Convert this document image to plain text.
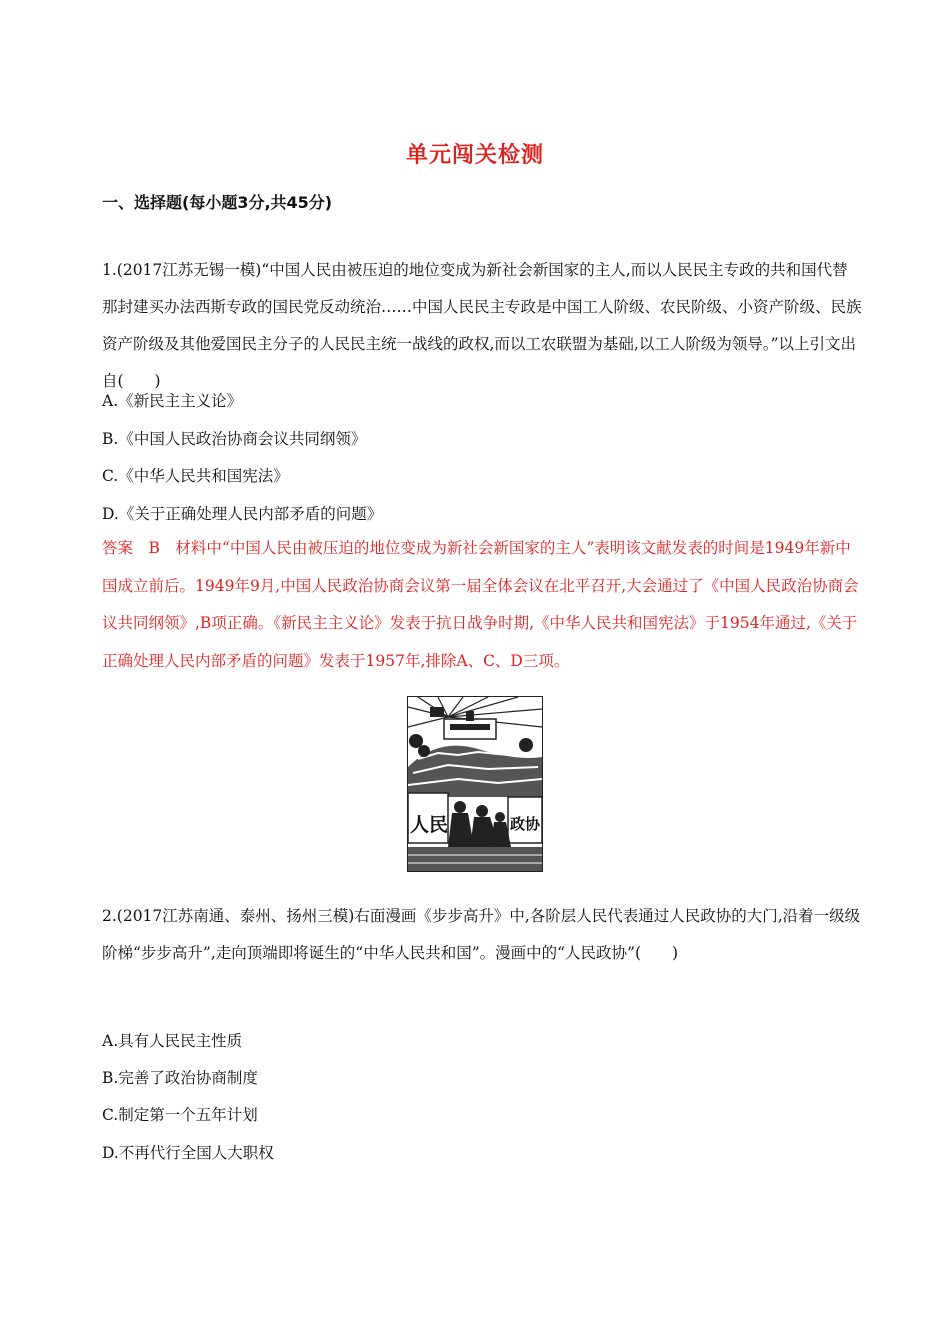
单元闯关检测
一、选择题(每小题3分,共45分)
1.(2017江苏无锡一模)“中国人民由被压迫的地位变成为新社会新国家的主人,而以人民民主专政的共和国代替那封建买办法西斯专政的国民党反动统治……中国人民民主专政是中国工人阶级、农民阶级、小资产阶级、民族资产阶级及其他爱国民主分子的人民民主统一战线的政权,而以工农联盟为基础,以工人阶级为领导。”以上引文出自(　　)
A.《新民主主义论》
B.《中国人民政治协商会议共同纲领》
C.《中华人民共和国宪法》
D.《关于正确处理人民内部矛盾的问题》
答案　B　材料中“中国人民由被压迫的地位变成为新社会新国家的主人”表明该文献发表的时间是1949年新中国成立前后。1949年9月,中国人民政治协商会议第一届全体会议在北平召开,大会通过了《中国人民政治协商会议共同纲领》,B项正确。《新民主主义论》发表于抗日战争时期,《中华人民共和国宪法》于1954年通过,《关于正确处理人民内部矛盾的问题》发表于1957年,排除A、C、D三项。
人民	政协
2.(2017江苏南通、泰州、扬州三模)右面漫画《步步高升》中,各阶层人民代表通过人民政协的大门,沿着一级级阶梯“步步高升”,走向顶端即将诞生的“中华人民共和国”。漫画中的“人民政协”(　　)
A.具有人民民主性质
B.完善了政治协商制度
C.制定第一个五年计划
D.不再代行全国人大职权
